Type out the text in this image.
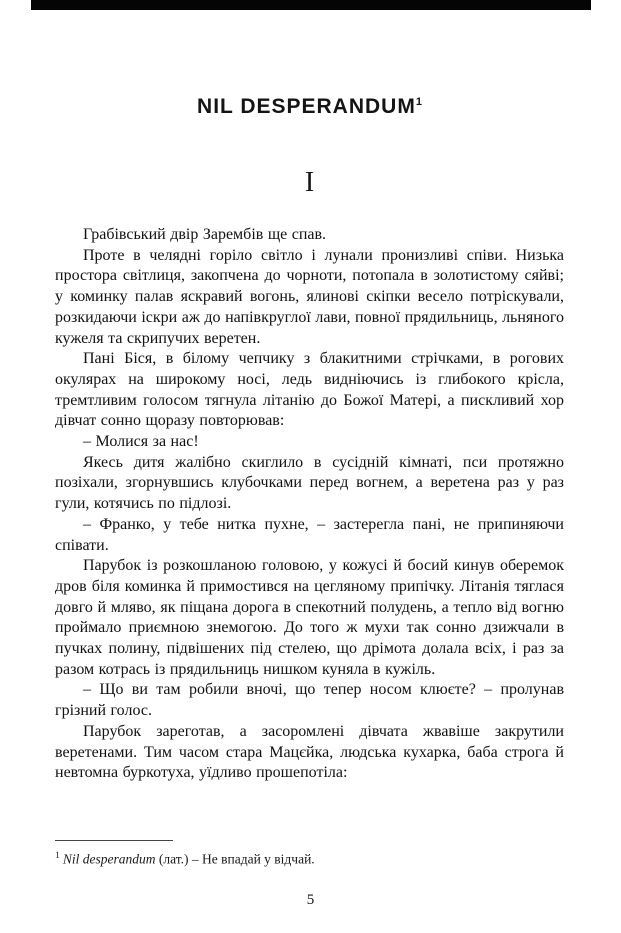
NIL DESPERANDUM$^1$
I

Грабівський двір Зарембів ще спав.

Проте в челядні горіло світло і лунали пронизливі співи. Низька простора світлиця, закопчена до чорноти, потопала в золотистому сяйві; у коминку палав яскравий вогонь, ялинові скіпки весело потріскували, розкидаючи іскри аж до напівкруглої лави, повної прядильниць, льняного кужеля та скрипучих веретен.

Пані Біся, в білому чепчику з блакитними стрічками, в рогових окулярах на широкому носі, ледь видніючись із глибокого крісла, тремтливим голосом тягнула літанію до Божої Матері, а пискливий хор дівчат сонно щоразу повторював:

– Молися за нас!

Якесь дитя жалібно скиглило в сусідній кімнаті, пси протяжно позіхали, згорнувшись клубочками перед вогнем, а веретена раз у раз гули, котячись по підлозі.

– Франко, у тебе нитка пухне, – застерегла пані, не припиняючи співати.

Парубок із розкошланою головою, у кожусі й босий кинув оберемок дров біля коминка й примостився на цегляному припічку. Літанія тяглася довго й мляво, як піщана дорога в спекотний полудень, а тепло від вогню проймало приємною знемогою. До того ж мухи так сонно дзижчали в пучках полину, підвішених під стелею, що дрімота долала всіх, і раз за разом котрась із прядильниць нишком куняла в кужіль.

– Що ви там робили вночі, що тепер носом клюєте? – пролунав грізний голос.

Парубок зареготав, а засоромлені дівчата жвавіше закрутили веретенами. Тим часом стара Мацєйка, людська кухарка, баба строга й невтомна буркотуха, уїдливо прошепотіла:

$^1$ Nil desperandum (лат.) – Не впадай у відчай.
5
